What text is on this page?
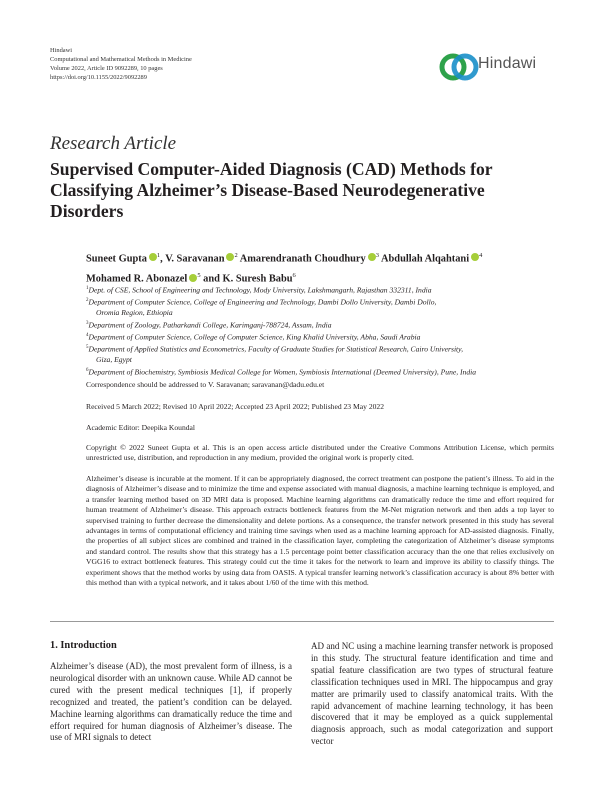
Hindawi
Computational and Mathematical Methods in Medicine
Volume 2022, Article ID 9092289, 10 pages
https://doi.org/10.1155/2022/9092289
Hindawi
Research Article
Supervised Computer-Aided Diagnosis (CAD) Methods for Classifying Alzheimer’s Disease-Based Neurodegenerative Disorders
Suneet Gupta $^1$, V. Saravanan $^2$ Amarendranath Choudhury $^3$ Abdullah Alqahtani $^4$
Mohamed R. Abonazel $^5$ and K. Suresh Babu$^6$

$^1$Dept. of CSE, School of Engineering and Technology, Mody University, Lakshmangarh, Rajasthan 332311, India

$^2$Department of Computer Science, College of Engineering and Technology, Dambi Dollo University, Dambi Dollo,

Oromia Region, Ethiopia

$^3$Department of Zoology, Patharkandi College, Karimganj-788724, Assam, India

$^4$Department of Computer Science, College of Computer Science, King Khalid University, Abha, Saudi Arabia

$^5$Department of Applied Statistics and Econometrics, Faculty of Graduate Studies for Statistical Research, Cairo University,

Giza, Egypt

$^6$Department of Biochemistry, Symbiosis Medical College for Women, Symbiosis International (Deemed University), Pune, India

Correspondence should be addressed to V. Saravanan; saravanan@dadu.edu.et
Received 5 March 2022; Revised 10 April 2022; Accepted 23 April 2022; Published 23 May 2022
Academic Editor: Deepika Koundal
Copyright © 2022 Suneet Gupta et al. This is an open access article distributed under the Creative Commons Attribution License, which permits unrestricted use, distribution, and reproduction in any medium, provided the original work is properly cited.
Alzheimer’s disease is incurable at the moment. If it can be appropriately diagnosed, the correct treatment can postpone the patient’s illness. To aid in the diagnosis of Alzheimer’s disease and to minimize the time and expense associated with manual diagnosis, a machine learning technique is employed, and a transfer learning method based on 3D MRI data is proposed. Machine learning algorithms can dramatically reduce the time and effort required for human treatment of Alzheimer’s disease. This approach extracts bottleneck features from the M-Net migration network and then adds a top layer to supervised training to further decrease the dimensionality and delete portions. As a consequence, the transfer network presented in this study has several advantages in terms of computational efficiency and training time savings when used as a machine learning approach for AD-assisted diagnosis. Finally, the properties of all subject slices are combined and trained in the classification layer, completing the categorization of Alzheimer’s disease symptoms and standard control. The results show that this strategy has a 1.5 percentage point better classification accuracy than the one that relies exclusively on VGG16 to extract bottleneck features. This strategy could cut the time it takes for the network to learn and improve its ability to classify things. The experiment shows that the method works by using data from OASIS. A typical transfer learning network’s classification accuracy is about 8% better with this method than with a typical network, and it takes about 1/60 of the time with this method.
1. Introduction
Alzheimer’s disease (AD), the most prevalent form of illness, is a neurological disorder with an unknown cause. While AD cannot be cured with the present medical techniques [1], if properly recognized and treated, the patient’s condition can be delayed. Machine learning algorithms can dramatically reduce the time and effort required for human diagnosis of Alzheimer’s disease. The use of MRI signals to detect
AD and NC using a machine learning transfer network is proposed in this study. The structural feature identification and time and spatial feature classification are two types of structural feature classification techniques used in MRI. The hippocampus and gray matter are primarily used to classify anatomical traits. With the rapid advancement of machine learning technology, it has been discovered that it may be employed as a quick supplemental diagnosis approach, such as modal categorization and support vector
